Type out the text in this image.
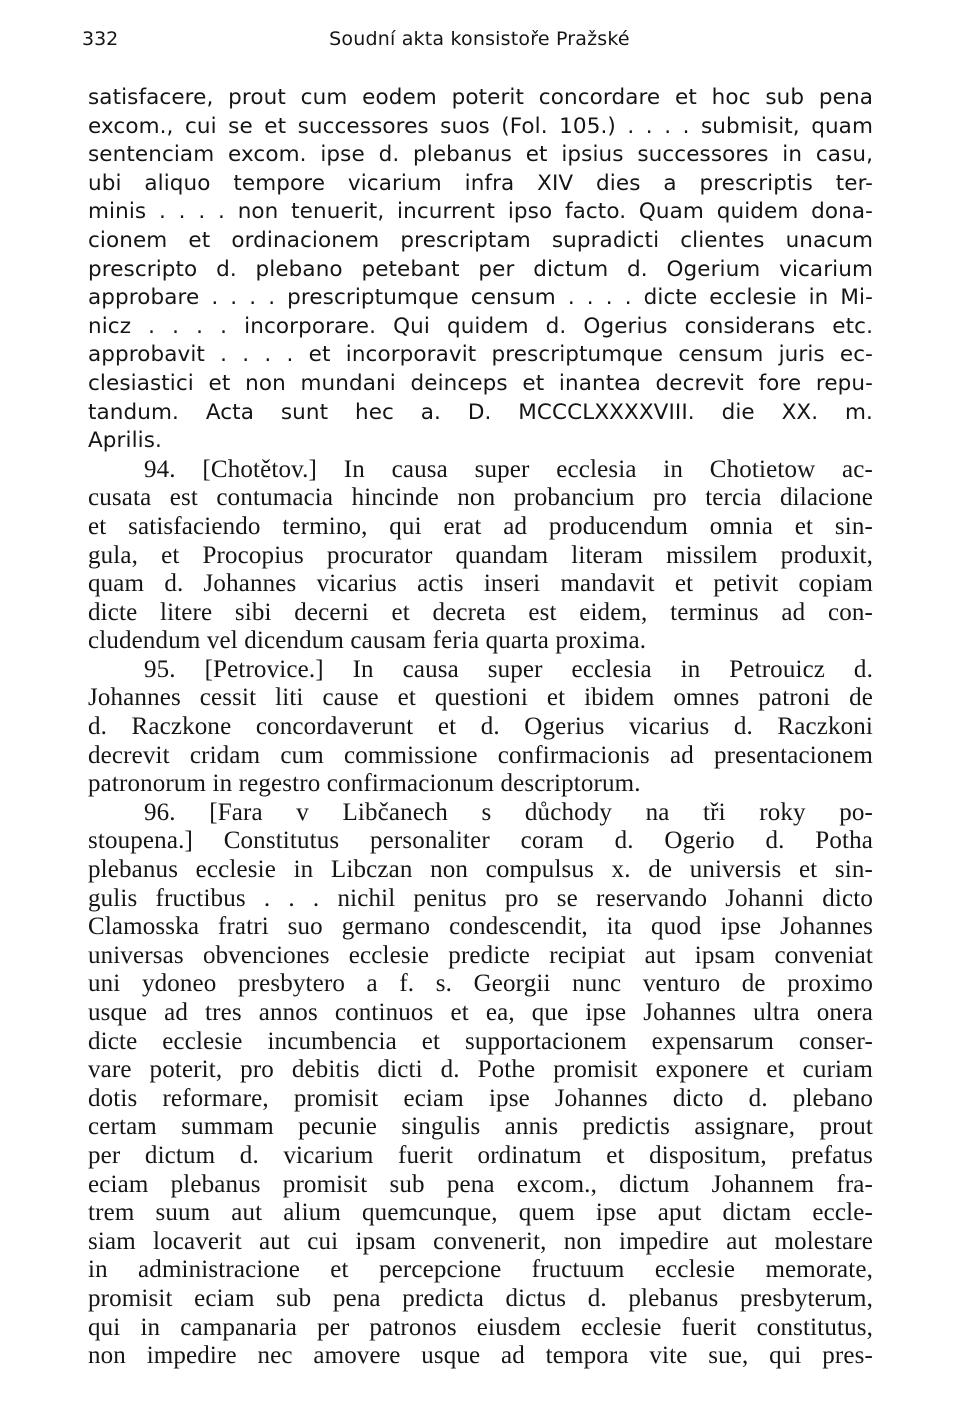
332	Soudní akta konsistoře Pražské
satisfacere, prout cum eodem poterit concordare et hoc sub pena
excom., cui se et successores suos (Fol. 105.) . . . . submisit, quam
sentenciam excom. ipse d. plebanus et ipsius successores in casu,
ubi aliquo tempore vicarium infra XIV dies a prescriptis ter-
minis . . . . non tenuerit, incurrent ipso facto. Quam quidem dona-
cionem et ordinacionem prescriptam supradicti clientes unacum
prescripto d. plebano petebant per dictum d. Ogerium vicarium
approbare . . . . prescriptumque censum . . . . dicte ecclesie in Mi-
nicz . . . . incorporare. Qui quidem d. Ogerius considerans etc.
approbavit . . . . et incorporavit prescriptumque censum juris ec-
clesiastici et non mundani deinceps et inantea decrevit fore repu-
tandum. Acta sunt hec a. D. MCCCLXXXXVIII. die XX. m.
Aprilis.
94. [Chotětov.] In causa super ecclesia in Chotietow ac-
cusata est contumacia hincinde non probancium pro tercia dilacione
et satisfaciendo termino, qui erat ad producendum omnia et sin-
gula, et Procopius procurator quandam literam missilem produxit,
quam d. Johannes vicarius actis inseri mandavit et petivit copiam
dicte litere sibi decerni et decreta est eidem, terminus ad con-
cludendum vel dicendum causam feria quarta proxima.
95. [Petrovice.] In causa super ecclesia in Petrouicz d.
Johannes cessit liti cause et questioni et ibidem omnes patroni de
d. Raczkone concordaverunt et d. Ogerius vicarius d. Raczkoni
decrevit cridam cum commissione confirmacionis ad presentacionem
patronorum in regestro confirmacionum descriptorum.
96. [Fara v Libčanech s důchody na tři roky po-
stoupena.] Constitutus personaliter coram d. Ogerio d. Potha
plebanus ecclesie in Libczan non compulsus x. de universis et sin-
gulis fructibus . . . nichil penitus pro se reservando Johanni dicto
Clamosska fratri suo germano condescendit, ita quod ipse Johannes
universas obvenciones ecclesie predicte recipiat aut ipsam conveniat
uni ydoneo presbytero a f. s. Georgii nunc venturo de proximo
usque ad tres annos continuos et ea, que ipse Johannes ultra onera
dicte ecclesie incumbencia et supportacionem expensarum conser-
vare poterit, pro debitis dicti d. Pothe promisit exponere et curiam
dotis reformare, promisit eciam ipse Johannes dicto d. plebano
certam summam pecunie singulis annis predictis assignare, prout
per dictum d. vicarium fuerit ordinatum et dispositum, prefatus
eciam plebanus promisit sub pena excom., dictum Johannem fra-
trem suum aut alium quemcunque, quem ipse aput dictam eccle-
siam locaverit aut cui ipsam convenerit, non impedire aut molestare
in administracione et percepcione fructuum ecclesie memorate,
promisit eciam sub pena predicta dictus d. plebanus presbyterum,
qui in campanaria per patronos eiusdem ecclesie fuerit constitutus,
non impedire nec amovere usque ad tempora vite sue, qui pres-
